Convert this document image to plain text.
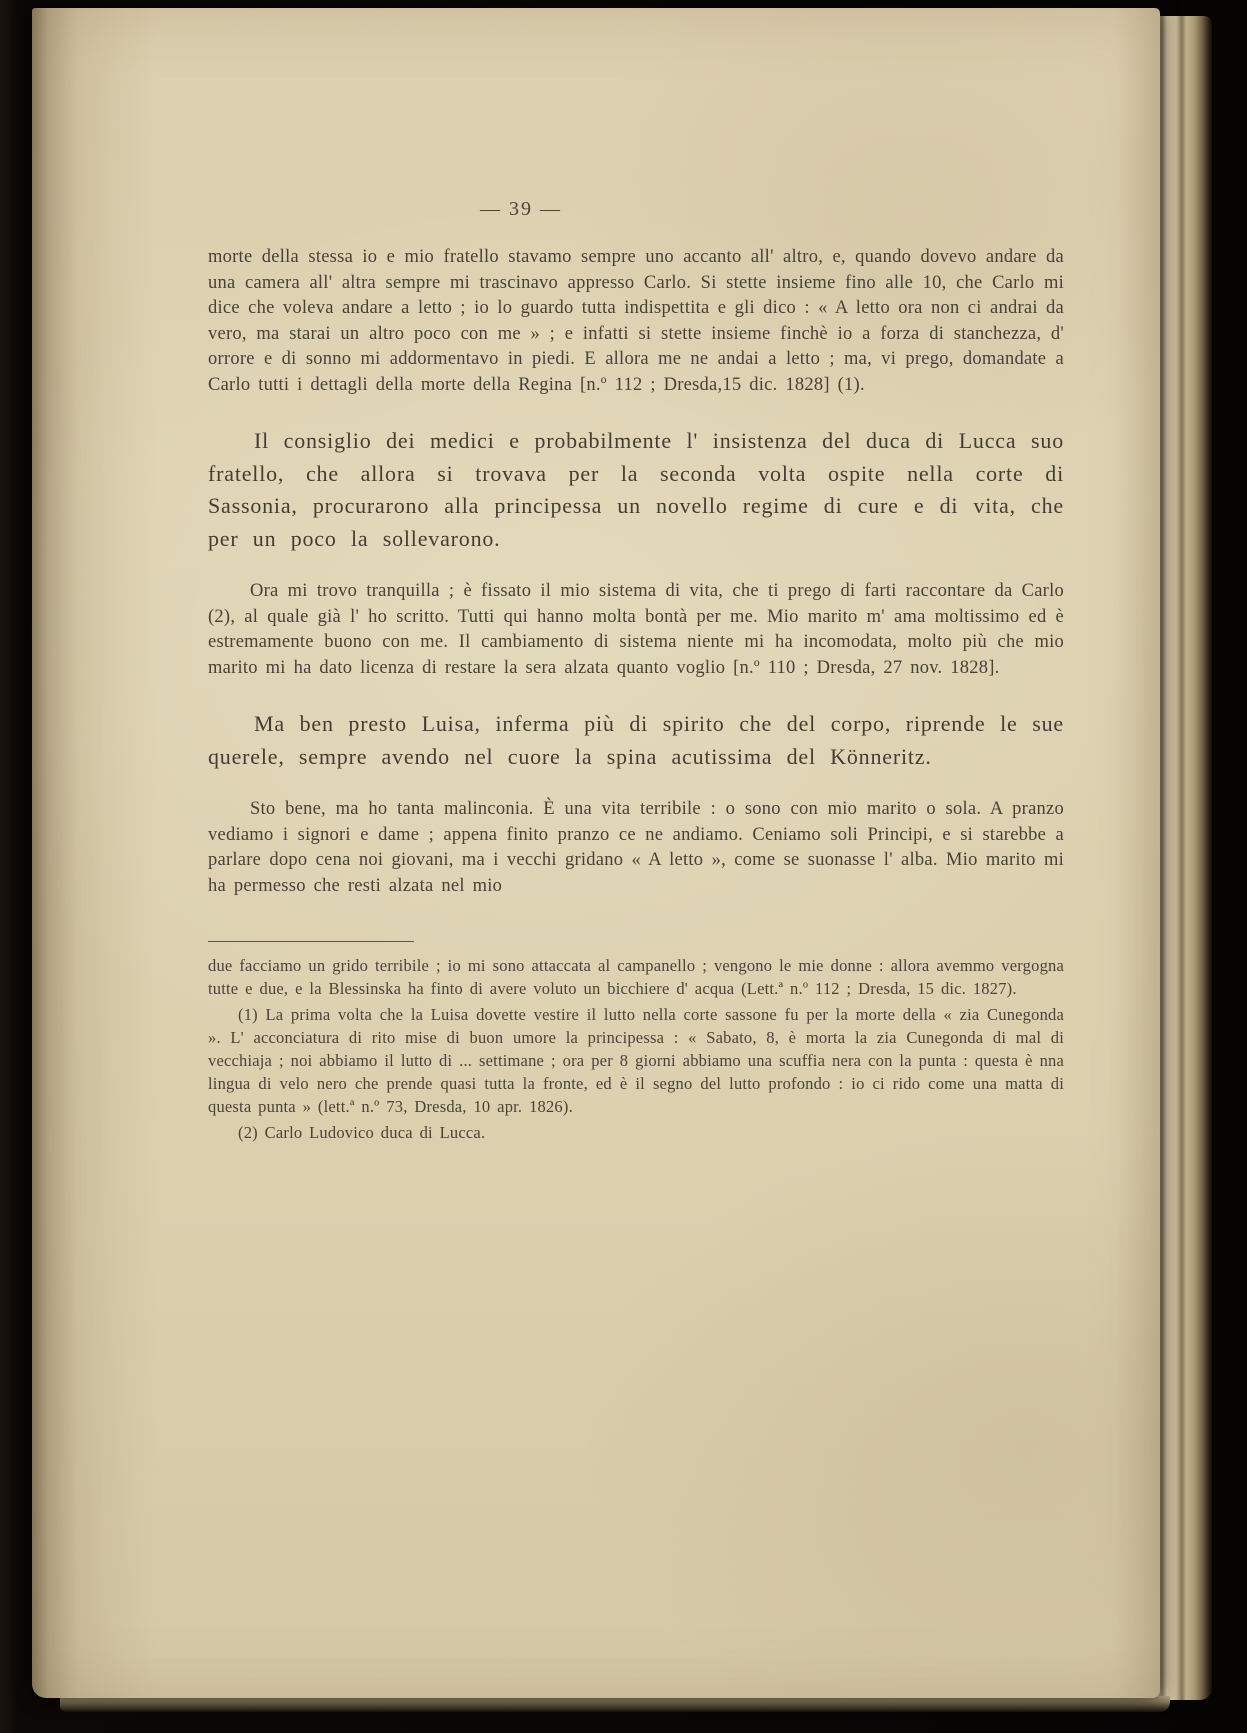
— 39 —

morte della stessa io e mio fratello stavamo sempre uno accanto all' altro, e, quando dovevo andare da una camera all' altra sempre mi trascinavo appresso Carlo. Si stette insieme fino alle 10, che Carlo mi dice che voleva andare a letto ; io lo guardo tutta indispettita e gli dico : « A letto ora non ci andrai da vero, ma starai un altro poco con me » ; e infatti si stette insieme finchè io a forza di stanchezza, d' orrore e di sonno mi addormentavo in piedi. E allora me ne andai a letto ; ma, vi prego, domandate a Carlo tutti i dettagli della morte della Regina [n.º 112 ; Dresda,15 dic. 1828] (1).

Il consiglio dei medici e probabilmente l' insistenza del duca di Lucca suo fratello, che allora si trovava per la seconda volta ospite nella corte di Sassonia, procurarono alla principessa un novello regime di cure e di vita, che per un poco la sollevarono.

Ora mi trovo tranquilla ; è fissato il mio sistema di vita, che ti prego di farti raccontare da Carlo (2), al quale già l' ho scritto. Tutti qui hanno molta bontà per me. Mio marito m' ama moltissimo ed è estremamente buono con me. Il cambiamento di sistema niente mi ha incomodata, molto più che mio marito mi ha dato licenza di restare la sera alzata quanto voglio [n.º 110 ; Dresda, 27 nov. 1828].

Ma ben presto Luisa, inferma più di spirito che del corpo, riprende le sue querele, sempre avendo nel cuore la spina acutissima del Könneritz.

Sto bene, ma ho tanta malinconia. È una vita terribile : o sono con mio marito o sola. A pranzo vediamo i signori e dame ; appena finito pranzo ce ne andiamo. Ceniamo soli Principi, e si starebbe a parlare dopo cena noi giovani, ma i vecchi gridano « A letto », come se suonasse l' alba. Mio marito mi ha permesso che resti alzata nel mio

due facciamo un grido terribile ; io mi sono attaccata al campanello ; vengono le mie donne : allora avemmo vergogna tutte e due, e la Blessinska ha finto di avere voluto un bicchiere d' acqua (Lett.ª n.º 112 ; Dresda, 15 dic. 1827).

(1) La prima volta che la Luisa dovette vestire il lutto nella corte sassone fu per la morte della « zia Cunegonda ». L' acconciatura di rito mise di buon umore la principessa : « Sabato, 8, è morta la zia Cunegonda di mal di vecchiaja ; noi abbiamo il lutto di ... settimane ; ora per 8 giorni abbiamo una scuffia nera con la punta : questa è nna lingua di velo nero che prende quasi tutta la fronte, ed è il segno del lutto profondo : io ci rido come una matta di questa punta » (lett.ª n.º 73, Dresda, 10 apr. 1826).

(2) Carlo Ludovico duca di Lucca.
